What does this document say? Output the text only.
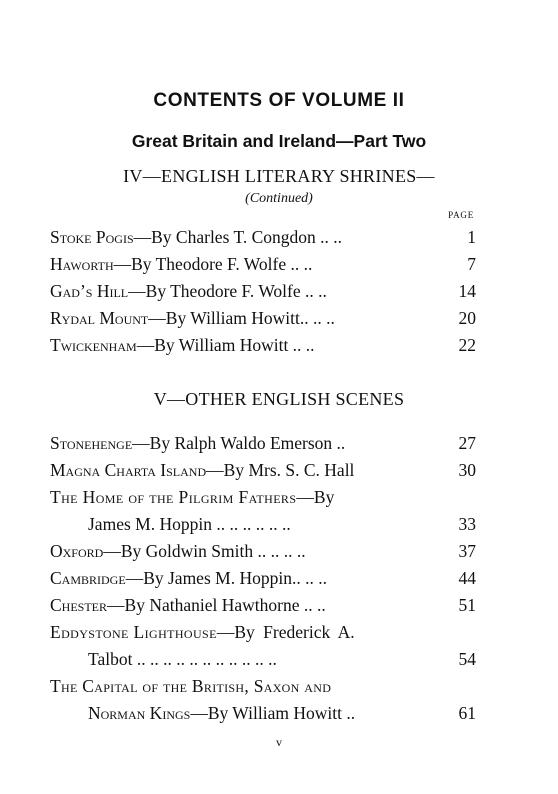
CONTENTS OF VOLUME II
Great Britain and Ireland—Part Two
IV—ENGLISH LITERARY SHRINES—
(Continued)
PAGE
Stoke Pogis—By Charles T. Congdon .. ..	1
Haworth—By Theodore F. Wolfe .. ..	7
Gad’s Hill—By Theodore F. Wolfe .. ..	14
Rydal Mount—By William Howitt.. .. ..	20
Twickenham—By William Howitt .. ..	22
V—OTHER ENGLISH SCENES
Stonehenge—By Ralph Waldo Emerson ..	27
Magna Charta Island—By Mrs. S. C. Hall	30
The Home of the Pilgrim Fathers—By
James M. Hoppin .. .. .. .. .. ..	33
Oxford—By Goldwin Smith .. .. .. ..	37
Cambridge—By James M. Hoppin.. .. ..	44
Chester—By Nathaniel Hawthorne .. ..	51
Eddystone Lighthouse—By Frederick A.
Talbot .. .. .. .. .. .. .. .. .. .. ..	54
The Capital of the British, Saxon and
Norman Kings—By William Howitt ..	61
v
